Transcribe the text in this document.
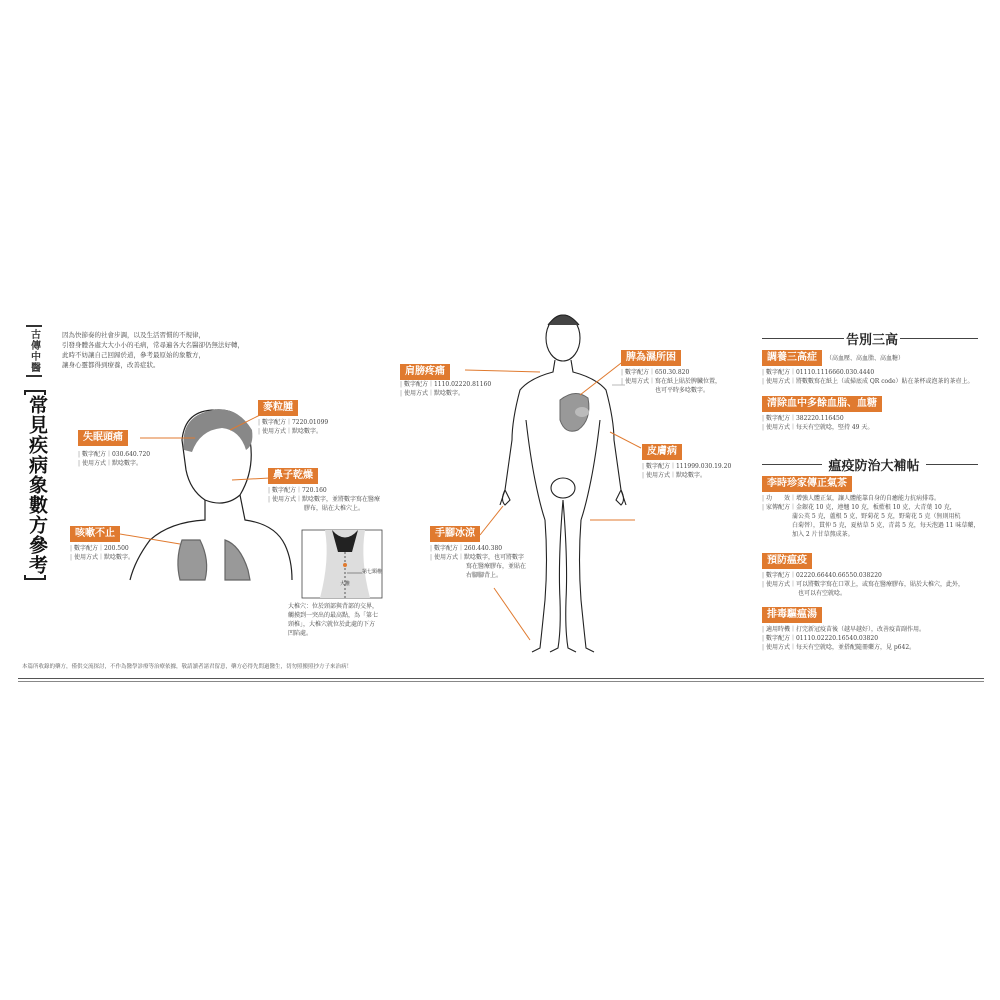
古傳中醫
常見疾病象數方參考
因為快節奏的社會步調，以及生活習慣的不規律，
引發身體各處大大小小的毛病，常尋遍各大名醫卻仍無法好轉，
此時不妨讓自己回歸於道，參考最原始的象數方，
讓身心靈都得到療養，改善症狀。
第七頸椎
大椎
大椎穴：位於頸部與背部的交界，
觸摸到一突出的最高點，為「第七
頸椎」，大椎穴就位於此處的下方
凹陷處。
失眠頭痛
| 數字配方｜030.640.720
| 使用方式｜默唸數字。
麥粒腫
| 數字配方｜7220.01099
| 使用方式｜默唸數字。
鼻子乾燥
| 數字配方｜720.160
| 使用方式｜默唸數字，並將數字寫在醫療
膠布，貼在大椎穴上。
咳嗽不止
| 數字配方｜200.500
| 使用方式｜默唸數字。
肩膀疼痛
| 數字配方｜1110.02220.81160
| 使用方式｜默唸數字。
脾為濕所困
| 數字配方｜650.30.820
| 使用方式｜寫在紙上貼於脾臟位置，
也可平時多唸數字。
皮膚病
| 數字配方｜111999.030.19.20
| 使用方式｜默唸數字。
手腳冰涼
| 數字配方｜260.440.380
| 使用方式｜默唸數字，也可將數字
寫在醫療膠布，並貼在
右腳腳背上。
告別三高
調養三高症	（高血壓、高血脂、高血糖）
| 數字配方｜01110.1116660.030.4440
| 使用方式｜將數數寫在紙上（或掃底成 QR code）貼在茶杯或泡茶的茶壺上。
清除血中多餘血脂、血糖
| 數字配方｜382220.116450
| 使用方式｜每天有空就唸，堅持 49 天。
瘟疫防治大補帖
李時珍家傳正氣茶
| 功　　效｜增強人體正氣，讓人體能靠自身的自癒能力抗病排毒。
| 家傳配方｜金銀花 10 克，連翹 10 克，板藍根 10 克，大青葉 10 克，
　　　　　蒲公英 5 克，蘆根 5 克，野菊花 5 克，野菊花 5 克（無則用杭
　　　　　白菊替），貫仲 5 克，夏枯草 5 克，青蒿 5 克，每天泡過 11 味草藥，
　　　　　加入 2 片甘草熬成茶。
預防瘟疫
| 數字配方｜02220.66440.66550.038220
| 使用方式｜可以將數字寫在口罩上，或寫在醫療膠布，貼於大椎穴，此外，
也可以有空就唸。
排毒驅瘟湯
| 適用時機｜打完新冠疫苗後（越早越好），改善疫苗副作用。
| 數字配方｜01110.02220.16540.03820
| 使用方式｜每天有空就唸，並搭配隨冊藥方，見 p642。
本篇所收錄的藥方，僅供交流探討，不作為醫學診療等治療依據，敬請讀者諸君留意，藥方必得先問過醫生，切勿照搬照抄方子來治病！
